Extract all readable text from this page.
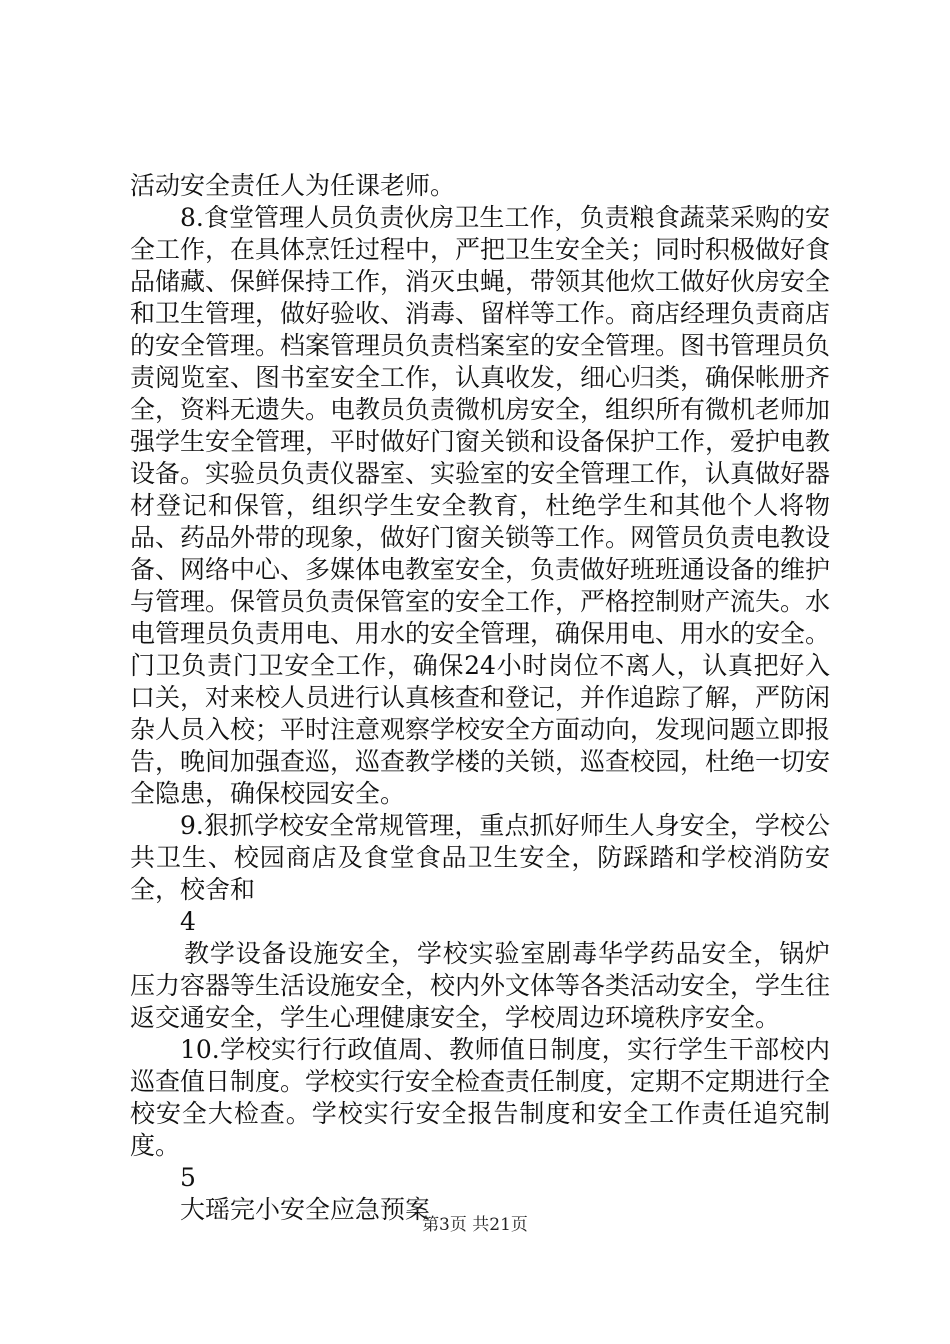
活动安全责任人为任课老师。

8.食堂管理人员负责伙房卫生工作，负责粮食蔬菜采购的安全工作，在具体烹饪过程中，严把卫生安全关；同时积极做好食品储藏、保鲜保持工作，消灭虫蝇，带领其他炊工做好伙房安全和卫生管理，做好验收、消毒、留样等工作。商店经理负责商店的安全管理。档案管理员负责档案室的安全管理。图书管理员负责阅览室、图书室安全工作，认真收发，细心归类，确保帐册齐全，资料无遗失。电教员负责微机房安全，组织所有微机老师加强学生安全管理，平时做好门窗关锁和设备保护工作，爱护电教设备。实验员负责仪器室、实验室的安全管理工作，认真做好器材登记和保管，组织学生安全教育，杜绝学生和其他个人将物品、药品外带的现象，做好门窗关锁等工作。网管员负责电教设备、网络中心、多媒体电教室安全，负责做好班班通设备的维护与管理。保管员负责保管室的安全工作，严格控制财产流失。水电管理员负责用电、用水的安全管理，确保用电、用水的安全。门卫负责门卫安全工作，确保24小时岗位不离人，认真把好入口关，对来校人员进行认真核查和登记，并作追踪了解，严防闲杂人员入校；平时注意观察学校安全方面动向，发现问题立即报告，晚间加强查巡，巡查教学楼的关锁，巡查校园，杜绝一切安全隐患，确保校园安全。

9.狠抓学校安全常规管理，重点抓好师生人身安全，学校公共卫生、校园商店及食堂食品卫生安全，防踩踏和学校消防安全，校舍和

4

教学设备设施安全，学校实验室剧毒华学药品安全，锅炉压力容器等生活设施安全，校内外文体等各类活动安全，学生往返交通安全，学生心理健康安全，学校周边环境秩序安全。

10.学校实行行政值周、教师值日制度，实行学生干部校内巡查值日制度。学校实行安全检查责任制度，定期不定期进行全校安全大检查。学校实行安全报告制度和安全工作责任追究制度。

5

大瑶完小安全应急预案

第3页 共21页
